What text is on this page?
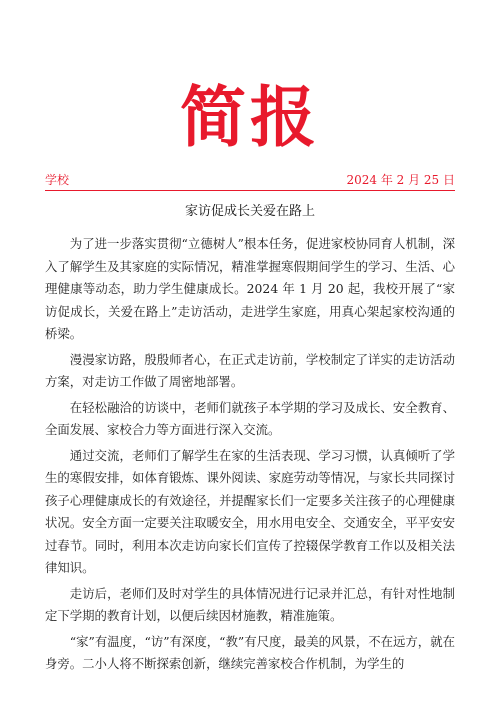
简报
学校	2024 年 2 月 25 日
家访促成长关爱在路上

为了进一步落实贯彻“立德树人”根本任务，促进家校协同育人机制，深入了解学生及其家庭的实际情况，精准掌握寒假期间学生的学习、生活、心理健康等动态，助力学生健康成长。2024 年 1 月 20 起，我校开展了“家访促成长，关爱在路上”走访活动，走进学生家庭，用真心架起家校沟通的桥梁。

漫漫家访路，殷殷师者心，在正式走访前，学校制定了详实的走访活动方案，对走访工作做了周密地部署。

在轻松融洽的访谈中，老师们就孩子本学期的学习及成长、安全教育、全面发展、家校合力等方面进行深入交流。

通过交流，老师们了解学生在家的生活表现、学习习惯，认真倾听了学生的寒假安排，如体育锻炼、课外阅读、家庭劳动等情况，与家长共同探讨孩子心理健康成长的有效途径，并提醒家长们一定要多关注孩子的心理健康状况。安全方面一定要关注取暖安全，用水用电安全、交通安全，平平安安过春节。同时，利用本次走访向家长们宣传了控辍保学教育工作以及相关法律知识。

走访后，老师们及时对学生的具体情况进行记录并汇总，有针对性地制定下学期的教育计划，以便后续因材施教，精准施策。

“家”有温度，“访”有深度，“教”有尺度，最美的风景，不在远方，就在身旁。二小人将不断探索创新，继续完善家校合作机制，为学生的
